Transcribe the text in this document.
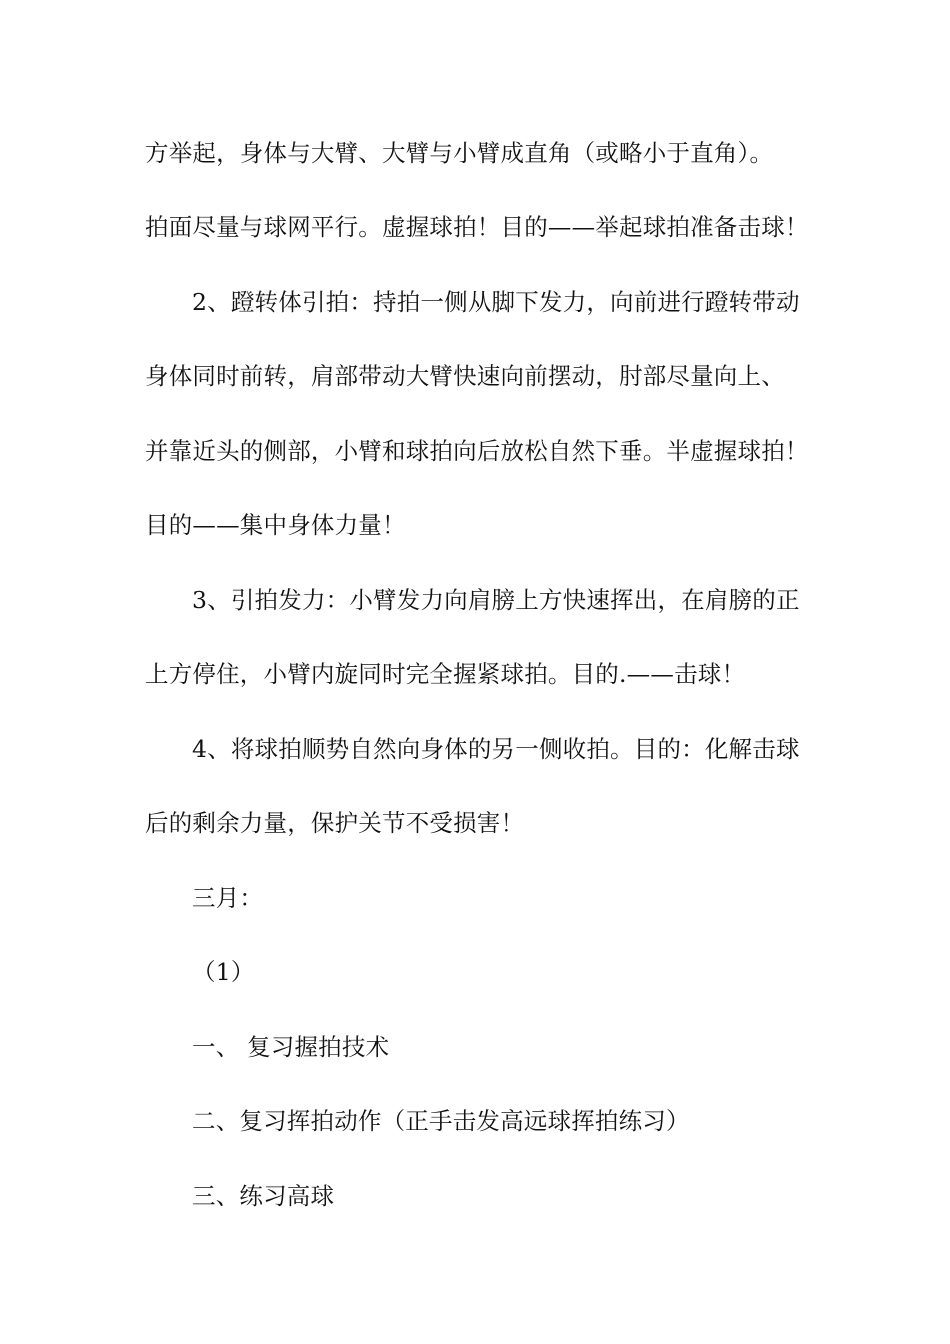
方举起，身体与大臂、大臂与小臂成直角（或略小于直角）。
拍面尽量与球网平行。虚握球拍！目的——举起球拍准备击球！
2、蹬转体引拍：持拍一侧从脚下发力，向前进行蹬转带动
身体同时前转，肩部带动大臂快速向前摆动，肘部尽量向上、
并靠近头的侧部，小臂和球拍向后放松自然下垂。半虚握球拍！
目的——集中身体力量！
3、引拍发力：小臂发力向肩膀上方快速挥出，在肩膀的正
上方停住，小臂内旋同时完全握紧球拍。目的.——击球！
4、将球拍顺势自然向身体的另一侧收拍。目的：化解击球
后的剩余力量，保护关节不受损害！
三月：
（1）
一、 复习握拍技术
二、复习挥拍动作（正手击发高远球挥拍练习）
三、练习高球
